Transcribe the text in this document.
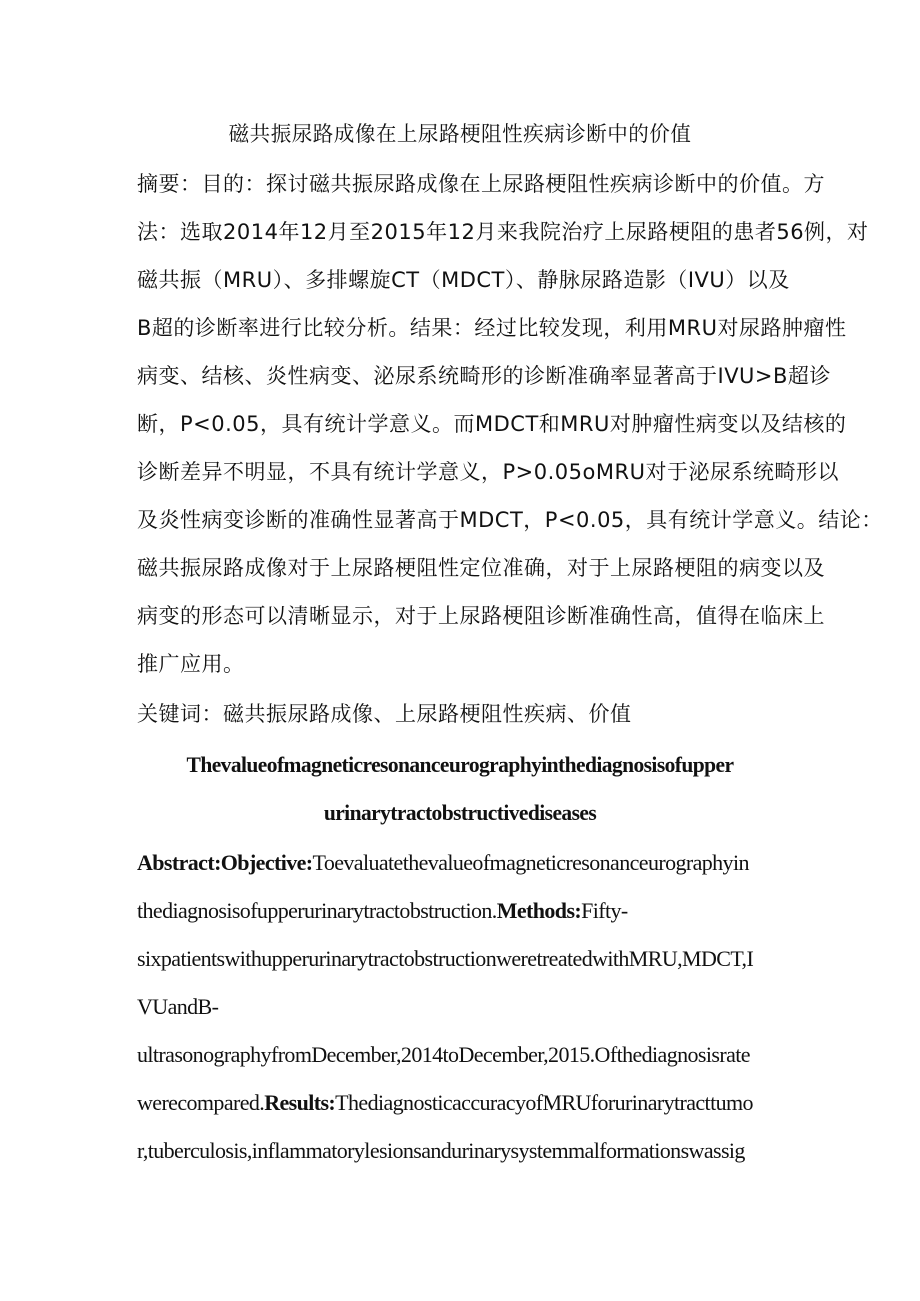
磁共振尿路成像在上尿路梗阻性疾病诊断中的价值
摘要：目的：探讨磁共振尿路成像在上尿路梗阻性疾病诊断中的价值。方
法：选取2014年12月至2015年12月来我院治疗上尿路梗阻的患者56例，对
磁共振（MRU）、多排螺旋CT（MDCT）、静脉尿路造影（IVU）以及
B超的诊断率进行比较分析。结果：经过比较发现，利用MRU对尿路肿瘤性
病变、结核、炎性病变、泌尿系统畸形的诊断准确率显著高于IVU>B超诊
断，P<0.05，具有统计学意义。而MDCT和MRU对肿瘤性病变以及结核的
诊断差异不明显，不具有统计学意义，P>0.05oMRU对于泌尿系统畸形以
及炎性病变诊断的准确性显著高于MDCT，P<0.05，具有统计学意义。结论：
磁共振尿路成像对于上尿路梗阻性定位准确，对于上尿路梗阻的病变以及
病变的形态可以清晰显示，对于上尿路梗阻诊断准确性高，值得在临床上
推广应用。
关键词：磁共振尿路成像、上尿路梗阻性疾病、价值
Thevalueofmagneticresonanceurographyinthediagnosisofupper
urinarytractobstructivediseases
Abstract:Objective:Toevaluatethevalueofmagneticresonanceurographyin
thediagnosisofupperurinarytractobstruction.Methods:Fifty-
sixpatientswithupperurinarytractobstructionweretreatedwithMRU,MDCT,I
VUandB-
ultrasonographyfromDecember,2014toDecember,2015.Ofthediagnosisrate
werecompared.Results:ThediagnosticaccuracyofMRUforurinarytracttumo
r,tuberculosis,inflammatorylesionsandurinarysystemmalformationswassig
